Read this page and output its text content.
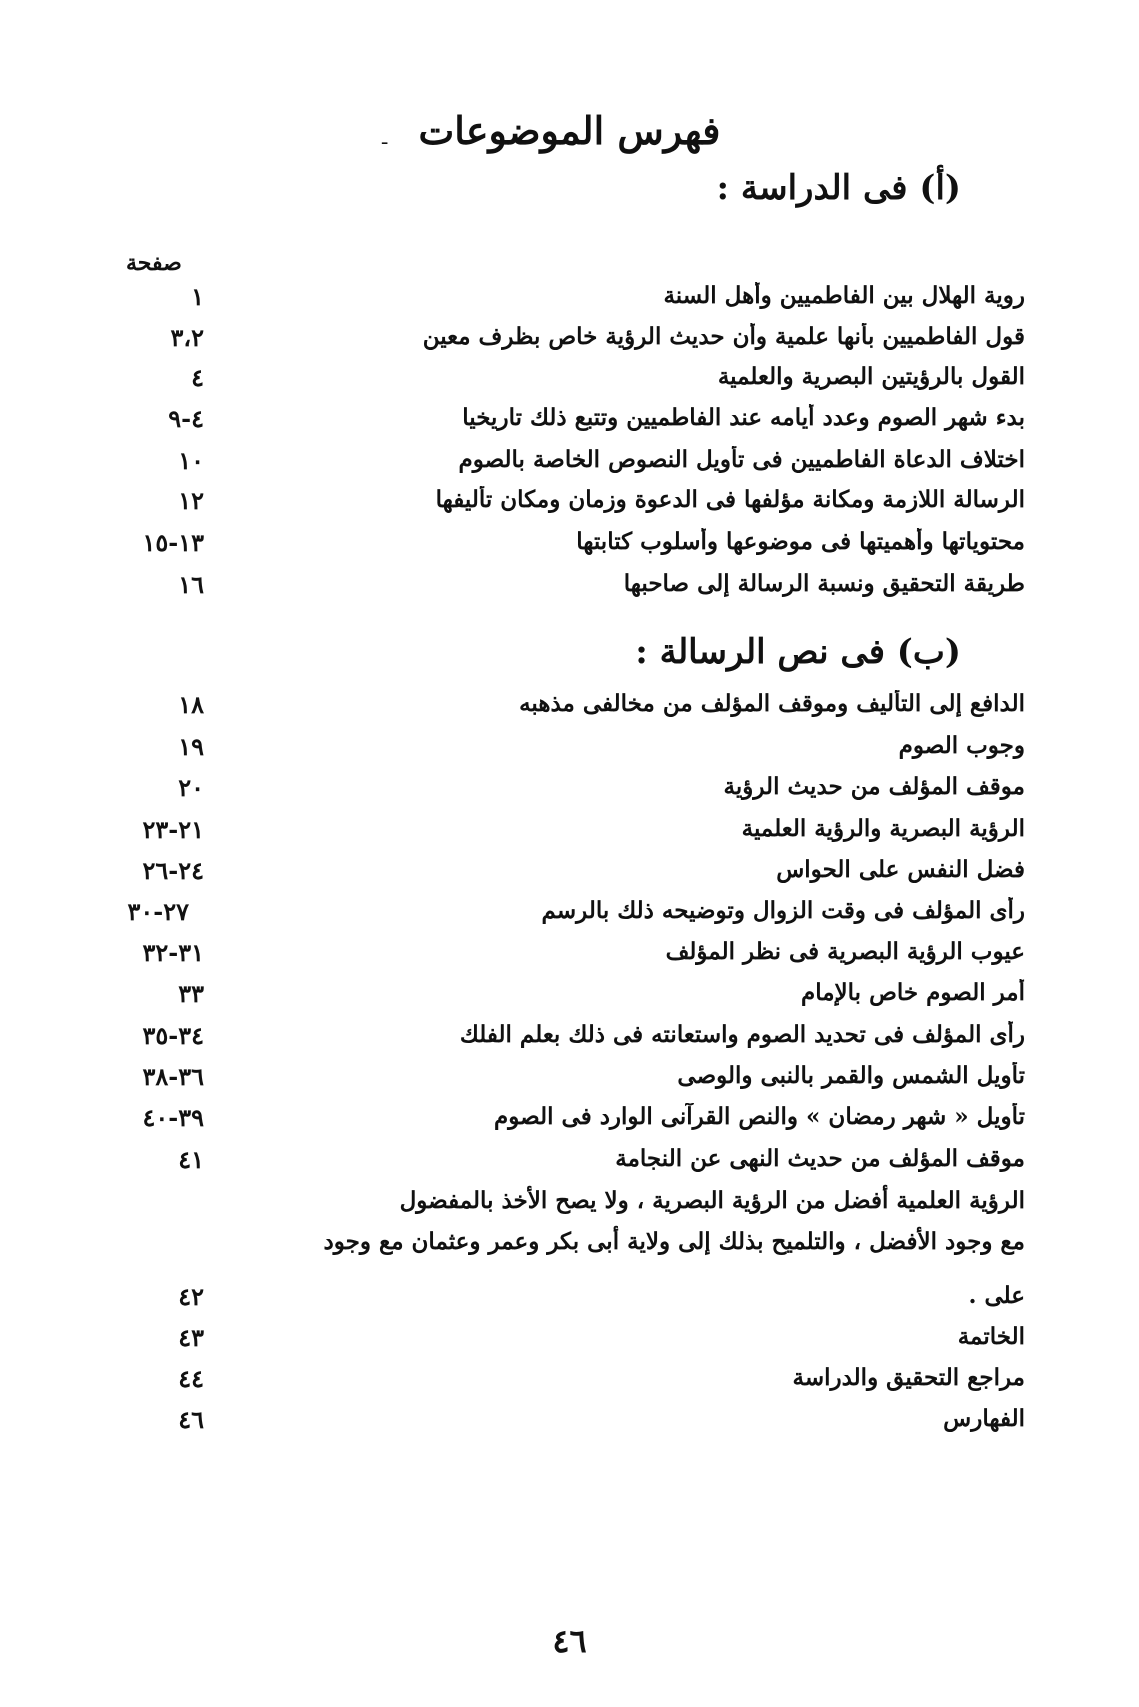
فهرس الموضوعات
ـ
(أ) فى الدراسة :
صفحة
روية الهلال بين الفاطميين وأهل السنة
١
قول الفاطميين بأنها علمية وأن حديث الرؤية خاص بظرف معين
٣،٢
القول بالرؤيتين البصرية والعلمية
٤
بدء شهر الصوم وعدد أيامه عند الفاطميين وتتبع ذلك تاريخيا
٤-٩
اختلاف الدعاة الفاطميين فى تأويل النصوص الخاصة بالصوم
١٠
الرسالة اللازمة ومكانة مؤلفها فى الدعوة وزمان ومكان تأليفها
١٢
محتوياتها وأهميتها فى موضوعها وأسلوب كتابتها
١٣-١٥
طريقة التحقيق ونسبة الرسالة إلى صاحبها
١٦
(ب) فى نص الرسالة :
الدافع إلى التأليف وموقف المؤلف من مخالفى مذهبه
١٨
وجوب الصوم
١٩
موقف المؤلف من حديث الرؤية
٢٠
الرؤية البصرية والرؤية العلمية
٢١-٢٣
فضل النفس على الحواس
٢٤-٢٦
رأى المؤلف فى وقت الزوال وتوضيحه ذلك بالرسم
٢٧-٣٠
عيوب الرؤية البصرية فى نظر المؤلف
٣١-٣٢
أمر الصوم خاص بالإمام
٣٣
رأى المؤلف فى تحديد الصوم واستعانته فى ذلك بعلم الفلك
٣٤-٣٥
تأويل الشمس والقمر بالنبى والوصى
٣٦-٣٨
تأويل « شهر رمضان » والنص القرآنى الوارد فى الصوم
٣٩-٤٠
موقف المؤلف من حديث النهى عن النجامة
٤١
الرؤية العلمية أفضل من الرؤية البصرية ، ولا يصح الأخذ بالمفضول
مع وجود الأفضل ، والتلميح بذلك إلى ولاية أبى بكر وعمر وعثمان مع وجود
على .
٤٢
الخاتمة
٤٣
مراجع التحقيق والدراسة
٤٤
الفهارس
٤٦
٤٦
